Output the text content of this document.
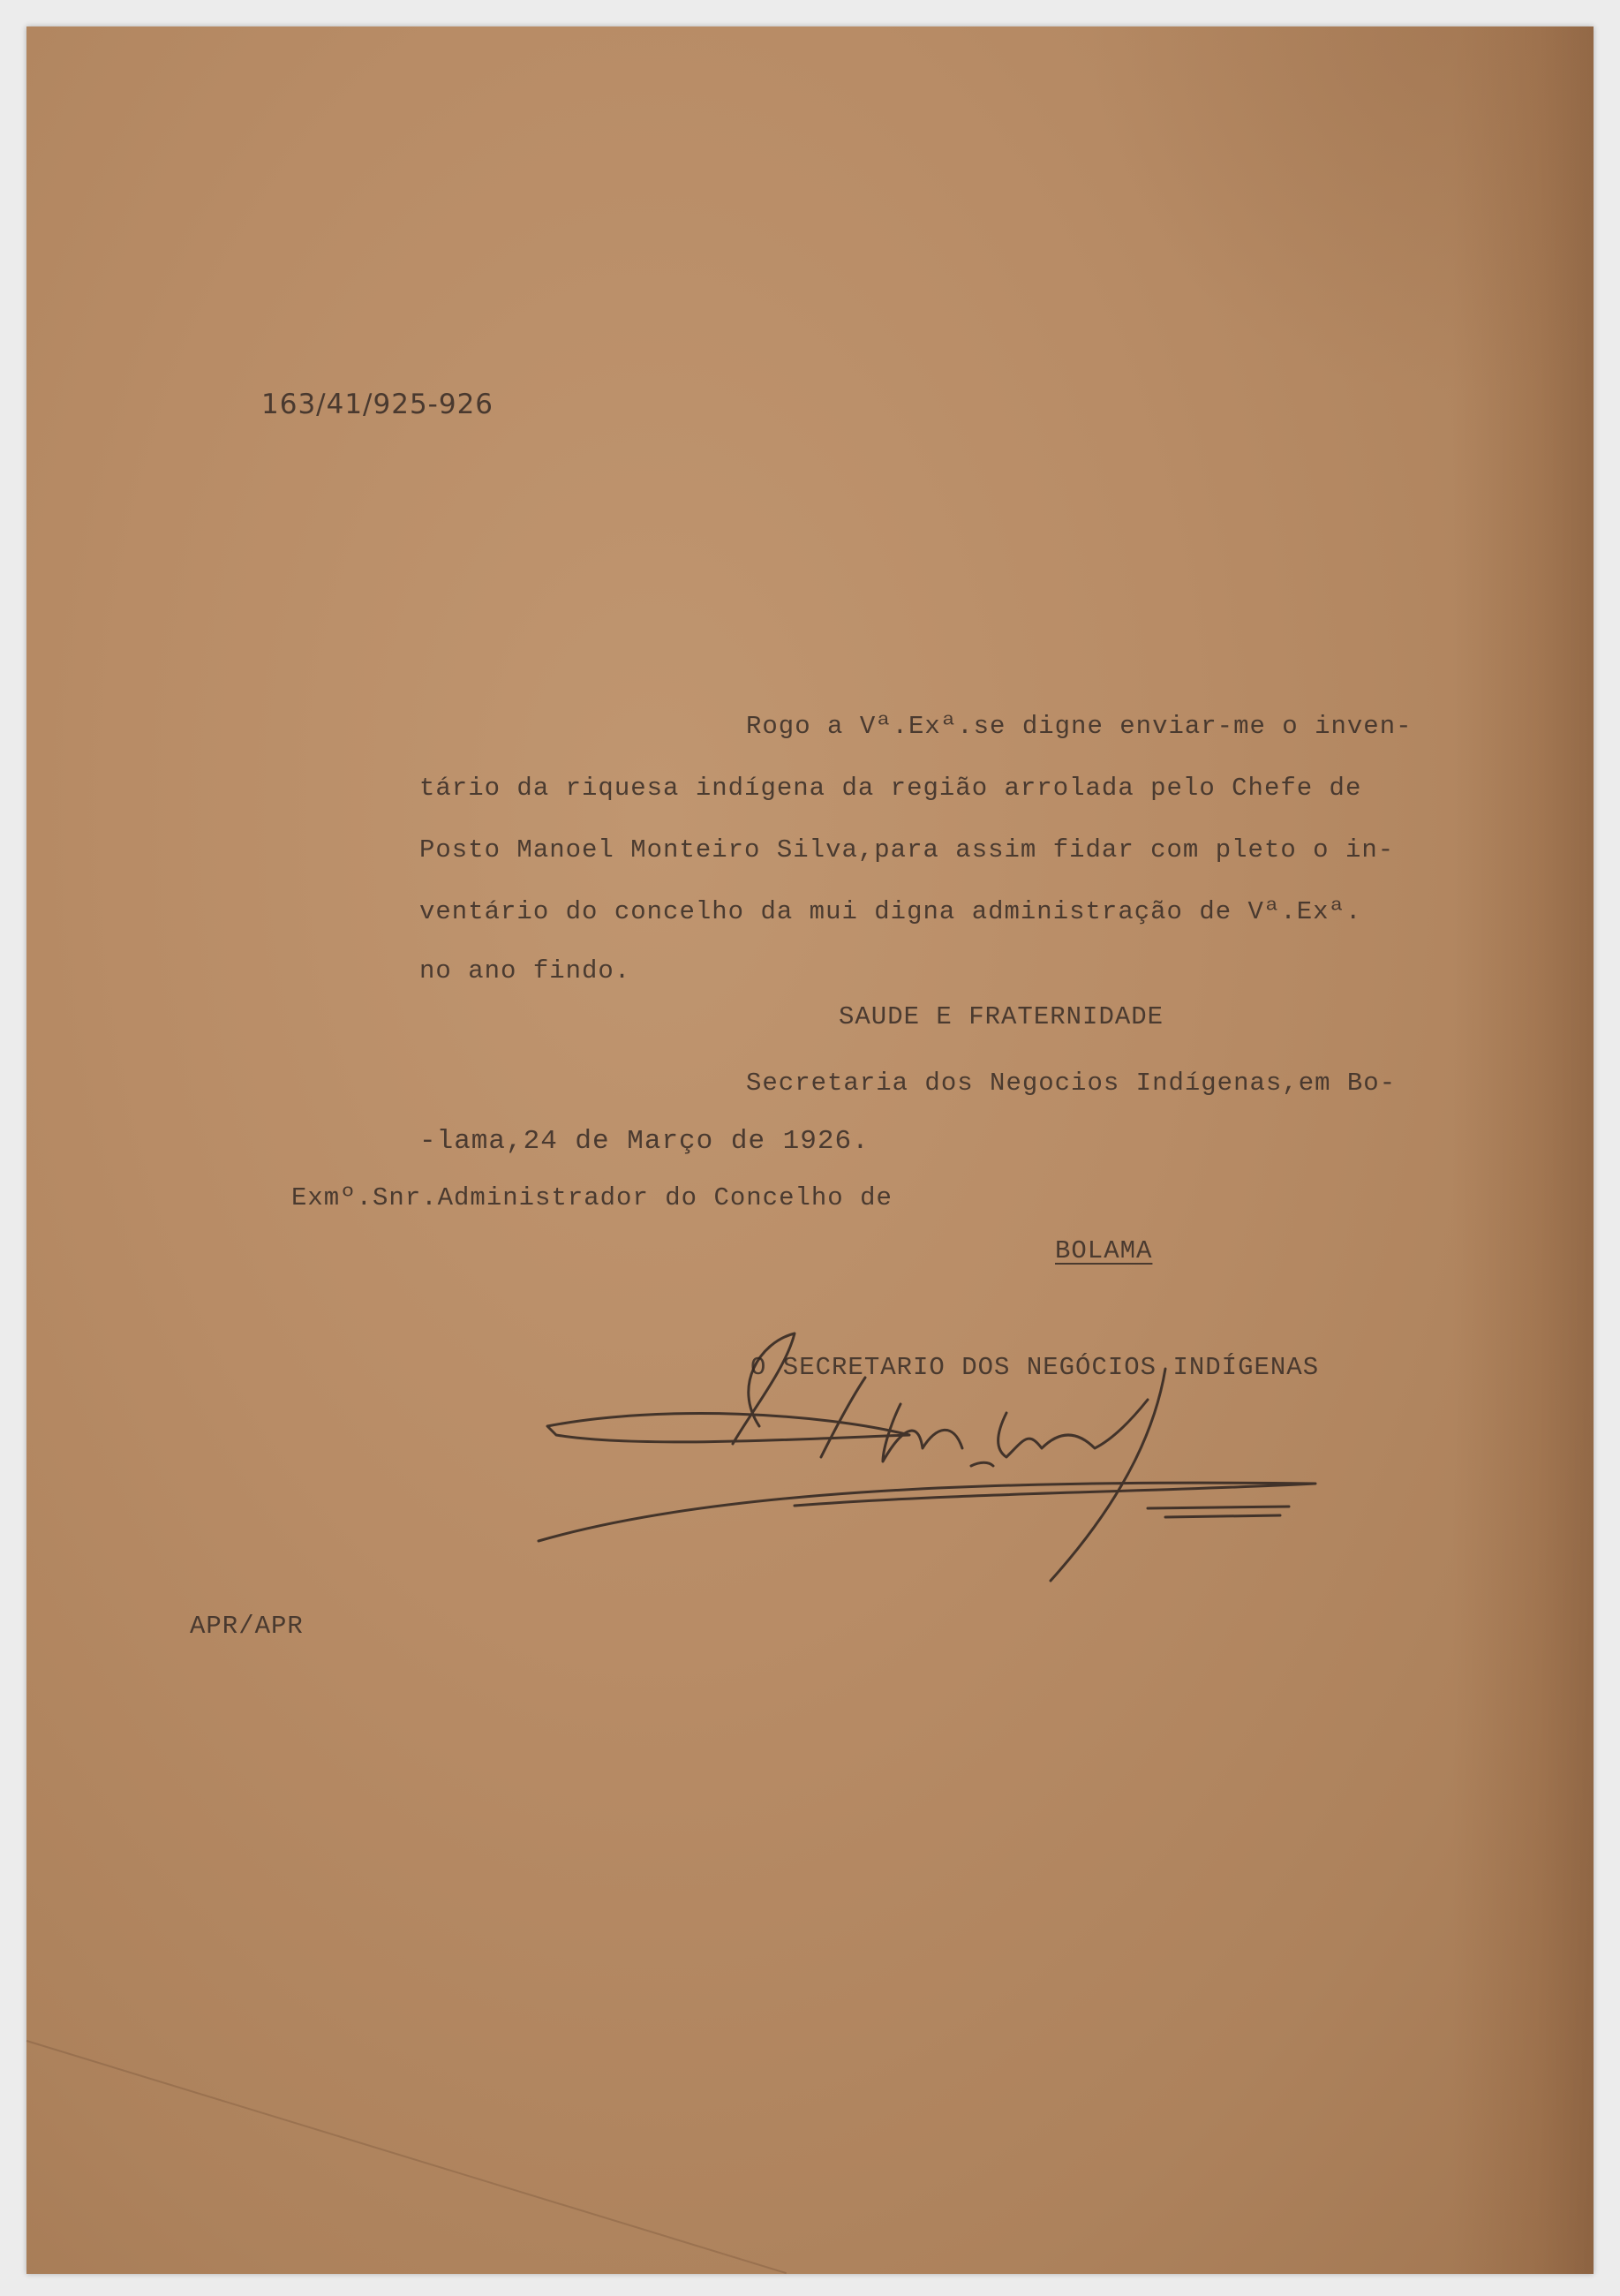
163/41/925-926
Rogo a Vª.Exª.se digne enviar-me o inven-
tário da riquesa indígena da região arrolada pelo Chefe de
Posto Manoel Monteiro Silva,para assim fidar com pleto o in-
ventário do concelho da mui digna administração de Vª.Exª.
no ano findo.
SAUDE E FRATERNIDADE
Secretaria dos Negocios Indígenas,em Bo-
-lama,24 de Março de 1926.
Exmº.Snr.Administrador do Concelho de
BOLAMA
O SECRETARIO DOS NEGÓCIOS INDÍGENAS
APR/APR
